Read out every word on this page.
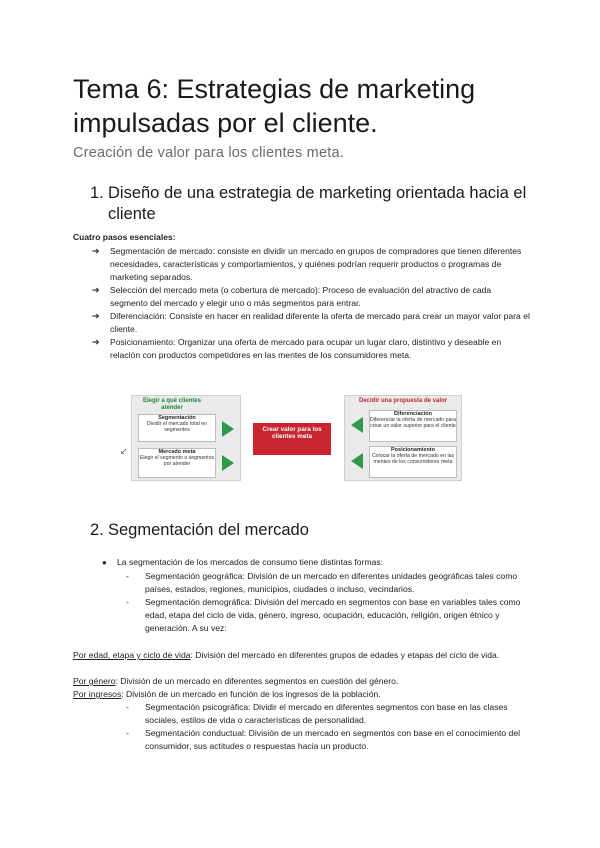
Tema 6: Estrategias de marketing impulsadas por el cliente.
Creación de valor para los clientes meta.
1. Diseño de una estrategia de marketing orientada hacia el cliente
Cuatro pasos esenciales:
➔ Segmentación de mercado: consiste en dividir un mercado en grupos de compradores que tienen diferentes necesidades, características y comportamientos, y quiénes podrían requerir productos o programas de marketing separados.
➔ Selección del mercado meta (o cobertura de mercado): Proceso de evaluación del atractivo de cada segmento del mercado y elegir uno o más segmentos para entrar.
➔ Diferenciación: Consiste en hacer en realidad diferente la oferta de mercado para crear un mayor valor para el cliente.
➔ Posicionamiento: Organizar una oferta de mercado para ocupar un lugar claro, distintivo y deseable en relación con productos competidores en las mentes de los consumidores meta.
↙
Elegir a qué clientes atender
Segmentación
Dividir el mercado total en segmentos
Mercado meta
Elegir el segmento o segmentos por atender
Crear valor para los clientes meta
Decidir una propuesta de valor
Diferenciación
Diferenciar la oferta de mercado para crear un valor superior para el cliente
Posicionamiento
Colocar la oferta de mercado en las mentes de los consumidores meta
2. Segmentación del mercado
● La segmentación de los mercados de consumo tiene distintas formas:
- Segmentación geográfica: División de un mercado en diferentes unidades geográficas tales como países, estados, regiones, municipios, ciudades o incluso, vecindarios.
- Segmentación demográfica: División del mercado en segmentos con base en variables tales como edad, etapa del ciclo de vida, género, ingreso, ocupación, educación, religión, origen étnico y generación. A su vez:
Por edad, etapa y ciclo de vida: División del mercado en diferentes grupos de edades y etapas del ciclo de vida.
Por género: División de un mercado en diferentes segmentos en cuestión del género.
Por ingresos: División de un mercado en función de los ingresos de la población.
- Segmentación psicográfica: Dividir el mercado en diferentes segmentos con base en las clases sociales, estilos de vida o características de personalidad.
- Segmentación conductual: División de un mercado en segmentos con base en el conocimiento del consumidor, sus actitudes o respuestas hacia un producto.
